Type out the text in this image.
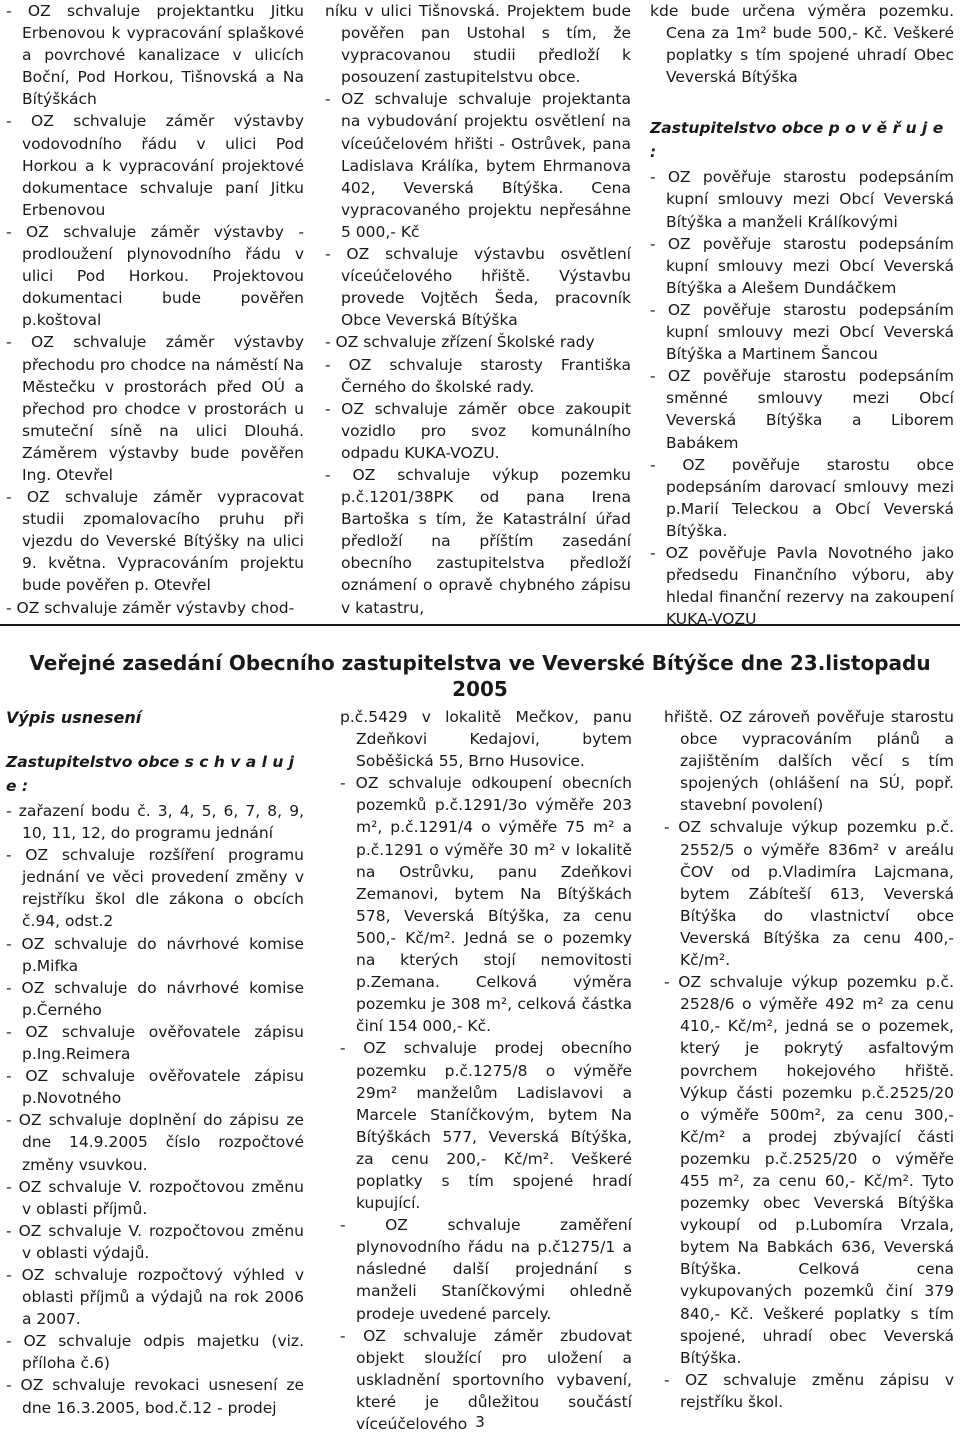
- OZ schvaluje projektantku Jitku Erbenovou k vypracování splaškové a povrchové kanalizace v ulicích Boční, Pod Horkou, Tišnovská a Na Bítýškách

- OZ schvaluje záměr výstavby vodovodního řádu v ulici Pod Horkou a k vypracování projektové dokumentace schvaluje paní Jitku Erbenovou

- OZ schvaluje záměr výstavby - prodloužení plynovodního řádu v ulici Pod Horkou. Projektovou dokumentaci bude pověřen p.koštoval

- OZ schvaluje záměr výstavby přechodu pro chodce na náměstí Na Městečku v prostorách před OÚ a přechod pro chodce v prostorách u smuteční síně na ulici Dlouhá. Záměrem výstavby bude pověřen Ing. Otevřel

- OZ schvaluje záměr vypracovat studii zpomalovacího pruhu při vjezdu do Veverské Bítýšky na ulici 9. května. Vypracováním projektu bude pověřen p. Otevřel

- OZ schvaluje záměr výstavby chod-

níku v ulici Tišnovská. Projektem bude pověřen pan Ustohal s tím, že vypracovanou studii předloží k posouzení zastupitelstvu obce.

- OZ schvaluje schvaluje projektanta na vybudování projektu osvětlení na víceúčelovém hřišti - Ostrůvek, pana Ladislava Králíka, bytem Ehrmanova 402, Veverská Bítýška. Cena vypracovaného projektu nepřesáhne 5 000,- Kč

- OZ schvaluje výstavbu osvětlení víceúčelového hřiště. Výstavbu provede Vojtěch Šeda, pracovník Obce Veverská Bítýška

- OZ schvaluje zřízení Školské rady

- OZ schvaluje starosty Františka Černého do školské rady.

- OZ schvaluje záměr obce zakoupit vozidlo pro svoz komunálního odpadu KUKA-VOZU.

- OZ schvaluje výkup pozemku p.č.1201/38PK od pana Irena Bartoška s tím, že Katastrální úřad předloží na příštím zasedání obecního zastupitelstva předloží oznámení o opravě chybného zápisu v katastru,

kde bude určena výměra pozemku. Cena za 1m² bude 500,- Kč. Veškeré poplatky s tím spojené uhradí Obec Veverská Bítýška

Zastupitelstvo obce p o v ě ř u j e :

- OZ pověřuje starostu podepsáním kupní smlouvy mezi Obcí Veverská Bítýška a manželi Králíkovými

- OZ pověřuje starostu podepsáním kupní smlouvy mezi Obcí Veverská Bítýška a Alešem Dundáčkem

- OZ pověřuje starostu podepsáním kupní smlouvy mezi Obcí Veverská Bítýška a Martinem Šancou

- OZ pověřuje starostu podepsáním směnné smlouvy mezi Obcí Veverská Bítýška a Liborem Babákem

- OZ pověřuje starostu obce podepsáním darovací smlouvy mezi p.Marií Teleckou a Obcí Veverská Bítýška.

- OZ pověřuje Pavla Novotného jako předsedu Finančního výboru, aby hledal finanční rezervy na zakoupení KUKA-VOZU

Veřejné zasedání Obecního zastupitelstva ve Veverské Bítýšce dne 23.listopadu 2005
Výpis usnesení
Zastupitelstvo obce s c h v a l u j e :

- zařazení bodu č. 3, 4, 5, 6, 7, 8, 9, 10, 11, 12, do programu jednání

- OZ schvaluje rozšíření programu jednání ve věci provedení změny v rejstříku škol dle zákona o obcích č.94, odst.2

- OZ schvaluje do návrhové komise p.Mifka

- OZ schvaluje do návrhové komise p.Černého

- OZ schvaluje ověřovatele zápisu p.Ing.Reimera

- OZ schvaluje ověřovatele zápisu p.Novotného

- OZ schvaluje doplnění do zápisu ze dne 14.9.2005 číslo rozpočtové změny vsuvkou.

- OZ schvaluje V. rozpočtovou změnu v oblasti příjmů.

- OZ schvaluje V. rozpočtovou změnu v oblasti výdajů.

- OZ schvaluje rozpočtový výhled v oblasti příjmů a výdajů na rok 2006 a 2007.

- OZ schvaluje odpis majetku (viz. příloha č.6)

- OZ schvaluje revokaci usnesení ze dne 16.3.2005, bod.č.12 - prodej

p.č.5429 v lokalitě Mečkov, panu Zdeňkovi Kedajovi, bytem Soběšická 55, Brno Husovice.

- OZ schvaluje odkoupení obecních pozemků p.č.1291/3o výměře 203 m², p.č.1291/4 o výměře 75 m² a p.č.1291 o výměře 30 m² v lokalitě na Ostrůvku, panu Zdeňkovi Zemanovi, bytem Na Bítýškách 578, Veverská Bítýška, za cenu 500,- Kč/m². Jedná se o pozemky na kterých stojí nemovitosti p.Zemana. Celková výměra pozemku je 308 m², celková částka činí 154 000,- Kč.

- OZ schvaluje prodej obecního pozemku p.č.1275/8 o výměře 29m² manželům Ladislavovi a Marcele Staníčkovým, bytem Na Bítýškách 577, Veverská Bítýška, za cenu 200,- Kč/m². Veškeré poplatky s tím spojené hradí kupující.

- OZ schvaluje zaměření plynovodního řádu na p.č1275/1 a následné další projednání s manželi Staníčkovými ohledně prodeje uvedené parcely.

- OZ schvaluje záměr zbudovat objekt sloužící pro uložení a uskladnění sportovního vybavení, které je důležitou součástí víceúčelového

hřiště. OZ zároveň pověřuje starostu obce vypracováním plánů a zajištěním dalších věcí s tím spojených (ohlášení na SÚ, popř. stavební povolení)

- OZ schvaluje výkup pozemku p.č. 2552/5 o výměře 836m² v areálu ČOV od p.Vladimíra Lajcmana, bytem Zábíteší 613, Veverská Bítýška do vlastnictví obce Veverská Bítýška za cenu 400,- Kč/m².

- OZ schvaluje výkup pozemku p.č. 2528/6 o výměře 492 m² za cenu 410,- Kč/m², jedná se o pozemek, který je pokrytý asfaltovým povrchem hokejového hřiště. Výkup části pozemku p.č.2525/20 o výměře 500m², za cenu 300,-Kč/m² a prodej zbývající části pozemku p.č.2525/20 o výměře 455 m², za cenu 60,- Kč/m². Tyto pozemky obec Veverská Bítýška vykoupí od p.Lubomíra Vrzala, bytem Na Babkách 636, Veverská Bítýška. Celková cena vykupovaných pozemků činí 379 840,- Kč. Veškeré poplatky s tím spojené, uhradí obec Veverská Bítýška.

- OZ schvaluje změnu zápisu v rejstříku škol.

3
